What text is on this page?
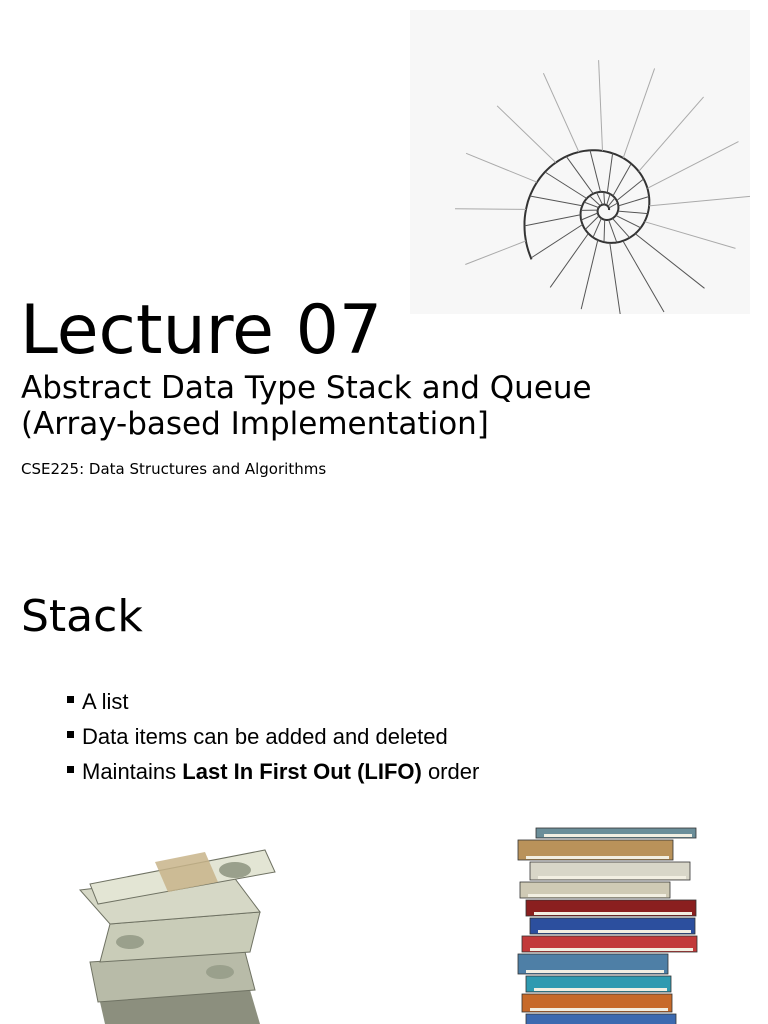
Lecture 07
Abstract Data Type Stack and Queue
(Array-based Implementation]
CSE225: Data Structures and Algorithms
Stack
A list
Data items can be added and deleted
Maintains Last In First Out (LIFO) order
